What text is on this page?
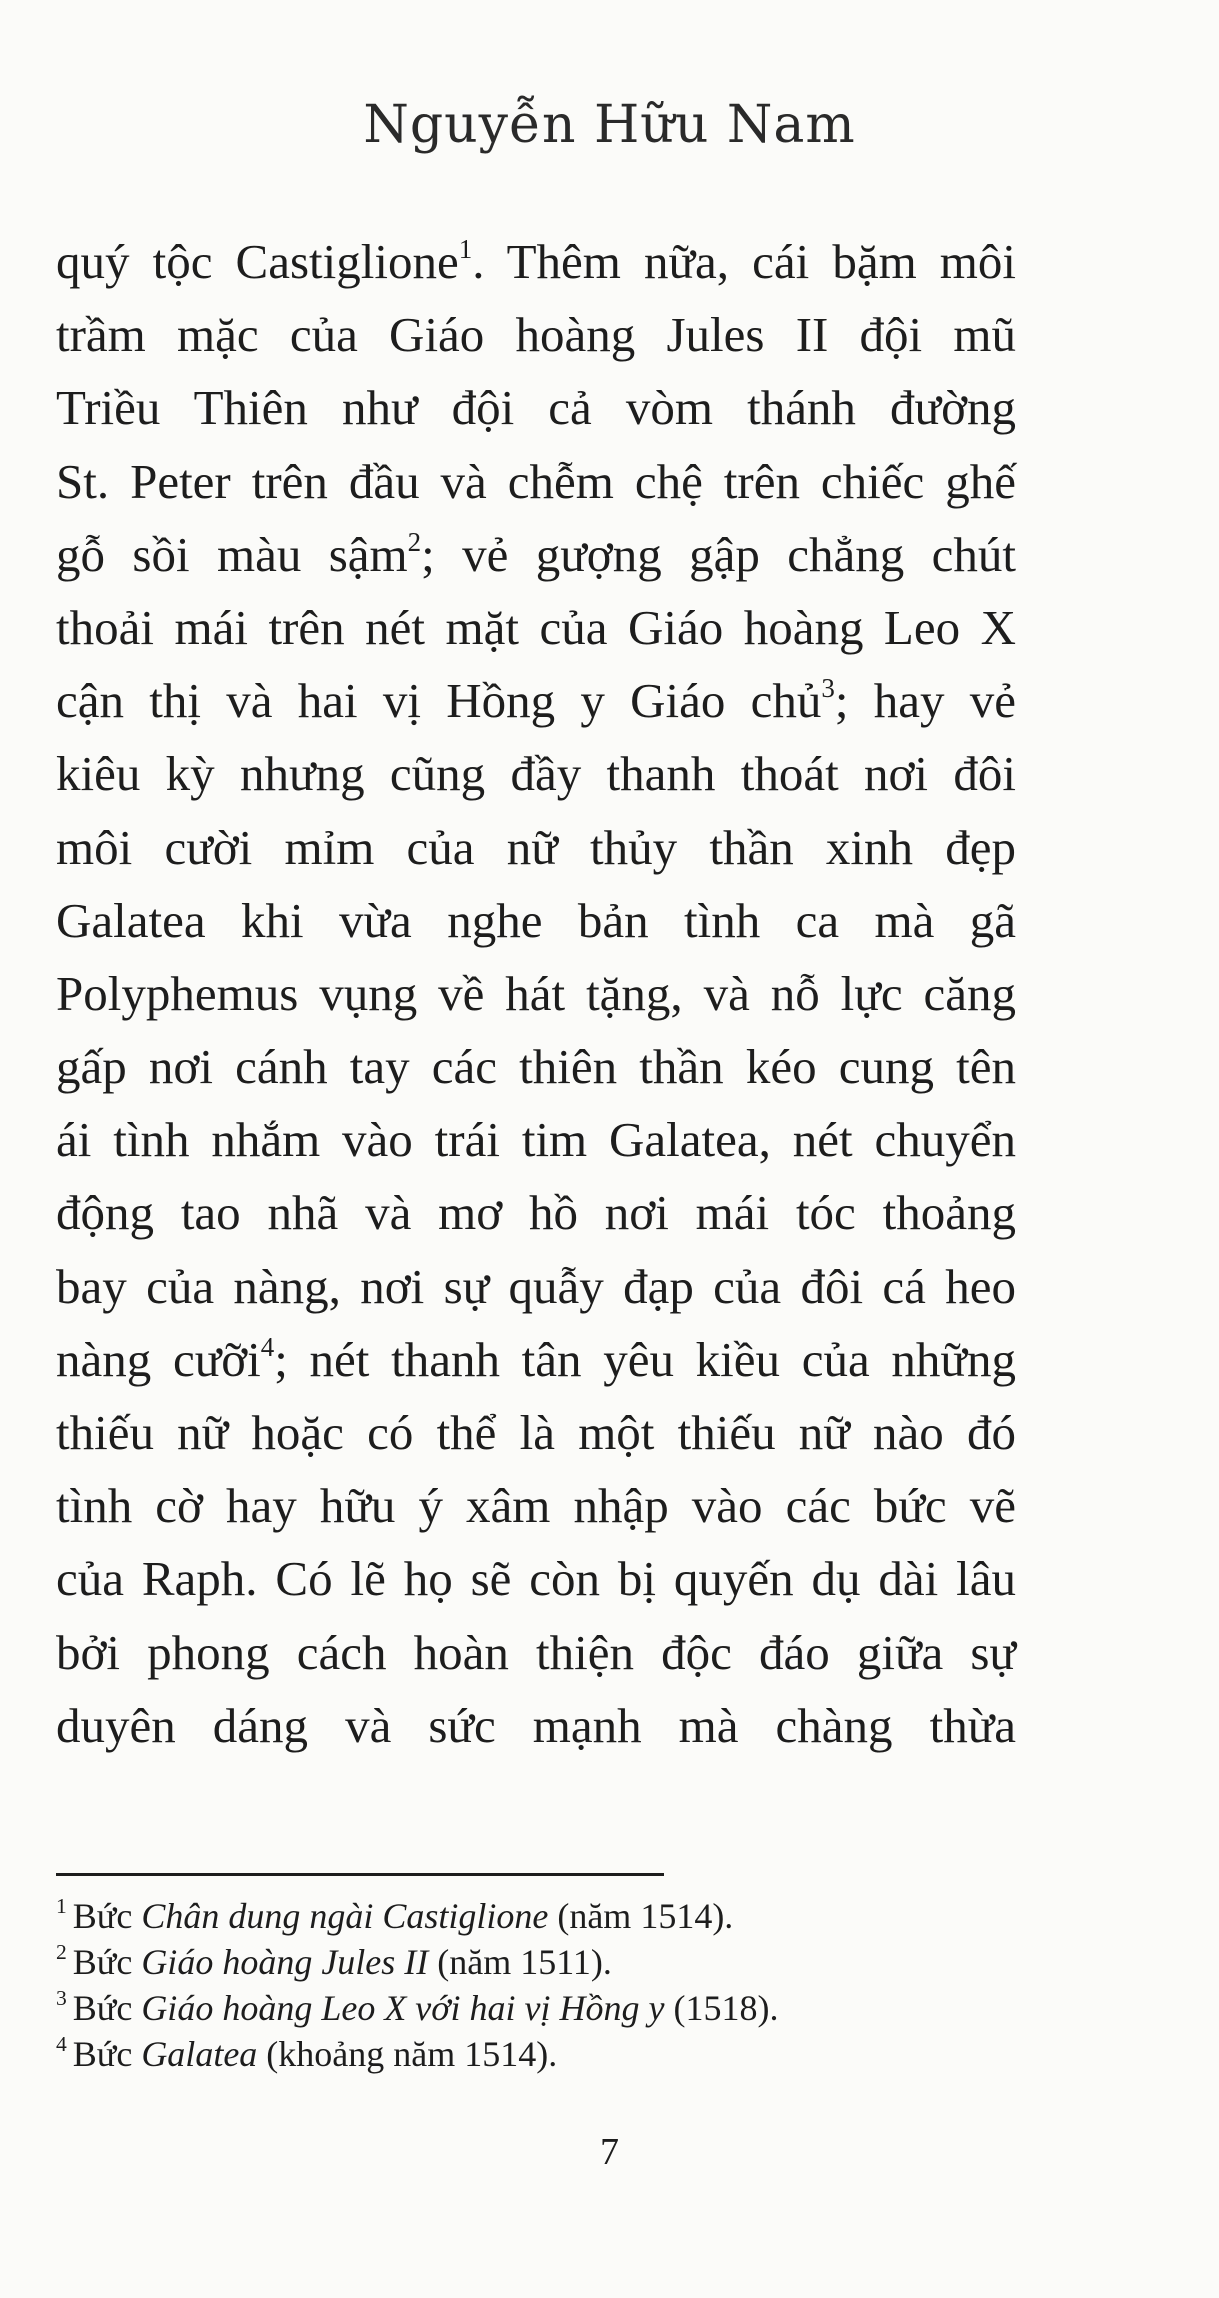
Nguyễn Hữu Nam
quý tộc Castiglione$^1$. Thêm nữa, cái bặm môi
trầm mặc của Giáo hoàng Jules II đội mũ
Triều Thiên như đội cả vòm thánh đường
St. Peter trên đầu và chễm chệ trên chiếc ghế
gỗ sồi màu sậm$^2$; vẻ gượng gập chẳng chút
thoải mái trên nét mặt của Giáo hoàng Leo X
cận thị và hai vị Hồng y Giáo chủ$^3$; hay vẻ
kiêu kỳ nhưng cũng đầy thanh thoát nơi đôi
môi cười mỉm của nữ thủy thần xinh đẹp
Galatea khi vừa nghe bản tình ca mà gã
Polyphemus vụng về hát tặng, và nỗ lực căng
gấp nơi cánh tay các thiên thần kéo cung tên
ái tình nhắm vào trái tim Galatea, nét chuyển
động tao nhã và mơ hồ nơi mái tóc thoảng
bay của nàng, nơi sự quẫy đạp của đôi cá heo
nàng cưỡi$^4$; nét thanh tân yêu kiều của những
thiếu nữ hoặc có thể là một thiếu nữ nào đó
tình cờ hay hữu ý xâm nhập vào các bức vẽ
của Raph. Có lẽ họ sẽ còn bị quyến dụ dài lâu
bởi phong cách hoàn thiện độc đáo giữa sự
duyên dáng và sức mạnh mà chàng thừa
$^1$ Bức Chân dung ngài Castiglione (năm 1514).
$^2$ Bức Giáo hoàng Jules II (năm 1511).
$^3$ Bức Giáo hoàng Leo X với hai vị Hồng y (1518).
$^4$ Bức Galatea (khoảng năm 1514).
7
